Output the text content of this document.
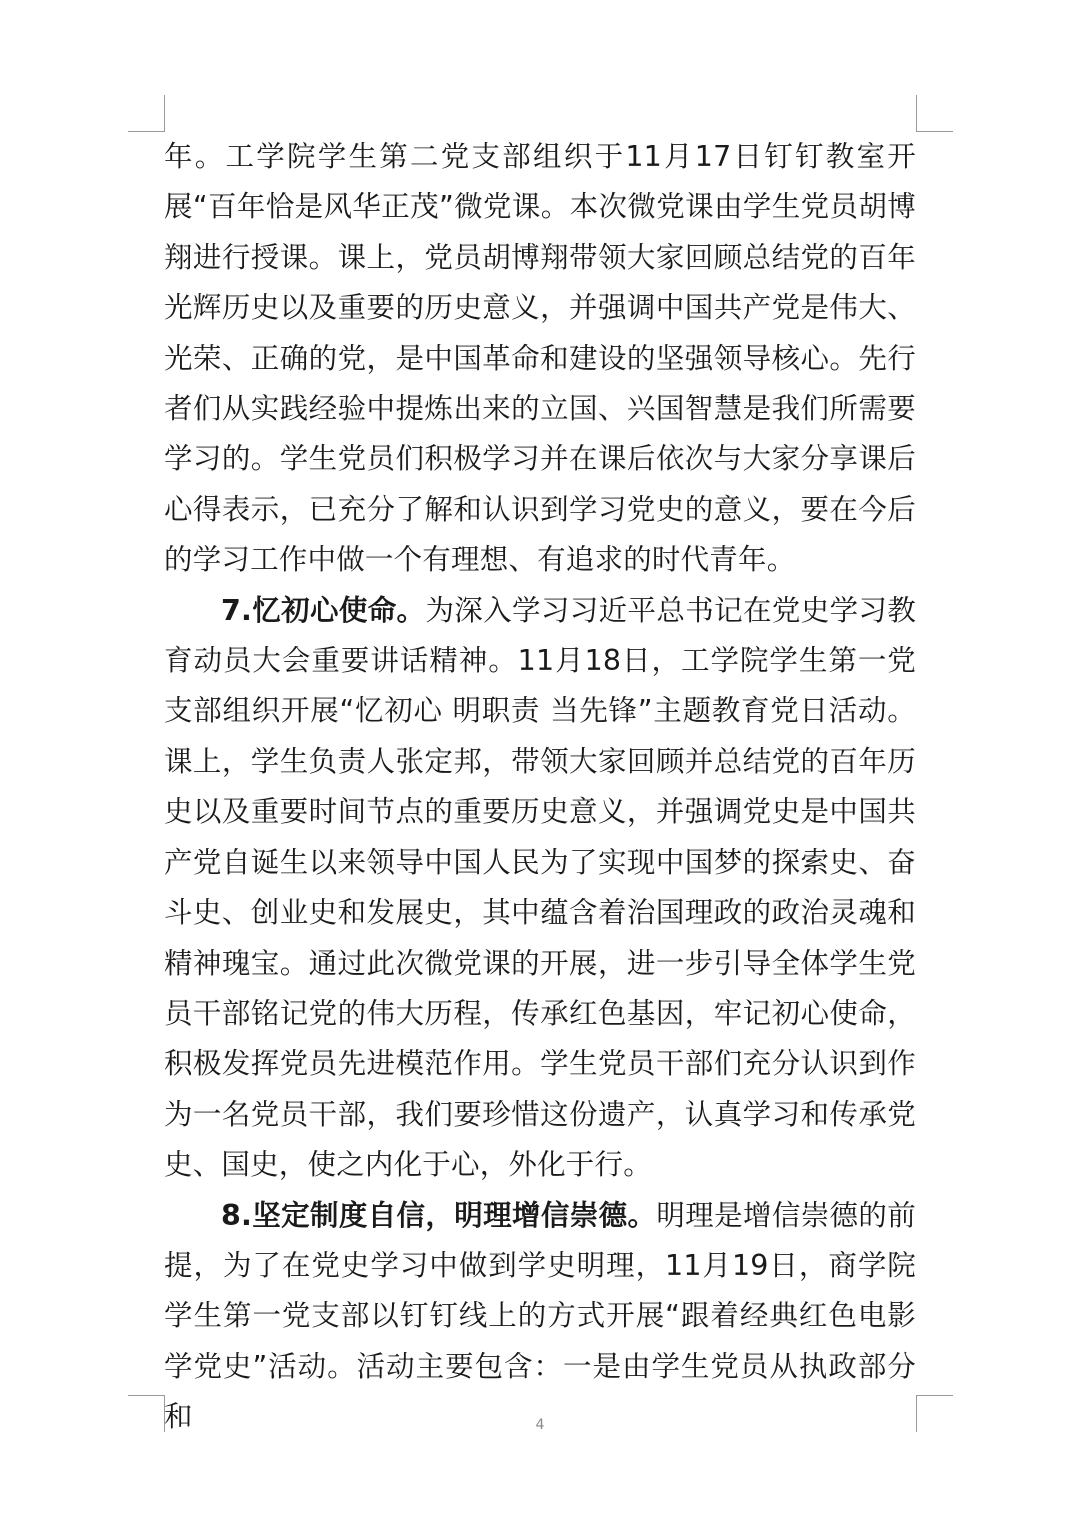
年。工学院学生第二党支部组织于11月17日钉钉教室开展“百年恰是风华正茂”微党课。本次微党课由学生党员胡博翔进行授课。课上，党员胡博翔带领大家回顾总结党的百年光辉历史以及重要的历史意义，并强调中国共产党是伟大、光荣、正确的党，是中国革命和建设的坚强领导核心。先行者们从实践经验中提炼出来的立国、兴国智慧是我们所需要学习的。学生党员们积极学习并在课后依次与大家分享课后心得表示，已充分了解和认识到学习党史的意义，要在今后的学习工作中做一个有理想、有追求的时代青年。

7.忆初心使命。为深入学习习近平总书记在党史学习教育动员大会重要讲话精神。11月18日，工学院学生第一党支部组织开展“忆初心 明职责 当先锋”主题教育党日活动。课上，学生负责人张定邦，带领大家回顾并总结党的百年历史以及重要时间节点的重要历史意义，并强调党史是中国共产党自诞生以来领导中国人民为了实现中国梦的探索史、奋斗史、创业史和发展史，其中蕴含着治国理政的政治灵魂和精神瑰宝。通过此次微党课的开展，进一步引导全体学生党员干部铭记党的伟大历程，传承红色基因，牢记初心使命，积极发挥党员先进模范作用。学生党员干部们充分认识到作为一名党员干部，我们要珍惜这份遗产，认真学习和传承党史、国史，使之内化于心，外化于行。

8.坚定制度自信，明理增信崇德。明理是增信崇德的前提，为了在党史学习中做到学史明理，11月19日，商学院学生第一党支部以钉钉线上的方式开展“跟着经典红色电影学党史”活动。活动主要包含：一是由学生党员从执政部分和	4
